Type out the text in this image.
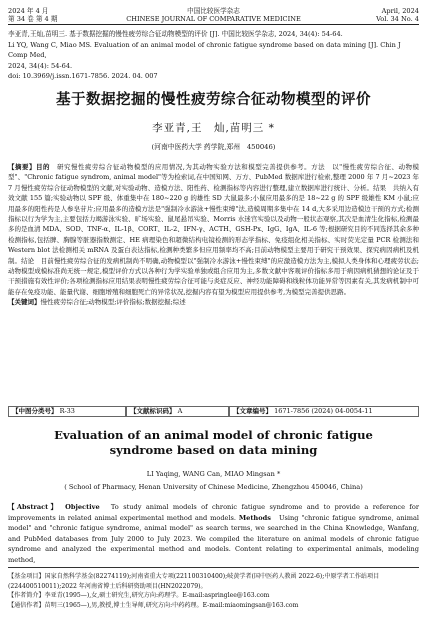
2024 年 4 月
第 34 卷 第 4 期
中国比较医学杂志
CHINESE JOURNAL OF COMPARATIVE MEDICINE
April, 2024
Vol. 34 No. 4
李亚青,王灿,苗明三. 基于数据挖掘的慢性疲劳综合征动物模型的评价 [J]. 中国比较医学杂志, 2024, 34(4): 54-64.
Li YQ, Wang C, Miao MS. Evaluation of an animal model of chronic fatigue syndrome based on data mining [J]. Chin J Comp Med,
2024, 34(4): 54-64.
doi: 10.3969/j.issn.1671-7856. 2024. 04. 007
基于数据挖掘的慢性疲劳综合征动物模型的评价
李亚青,王　灿,苗明三 *
(河南中医药大学 药学院,郑州　450046)
【摘要】目的　 研究慢性疲劳综合征动物模型的应用情况,为其动物实验方法和模型完善提供参考。方法　以"慢性疲劳综合征、动物模型"、"Chronic fatigue syndrom, animal model"等为检索词,在中国知网、万方、PubMed 数据库进行检索,整理 2000 年 7 月~2023 年 7 月慢性疲劳综合征动物模型的文献,对实验动物、造模方法、阳性药、检测指标等内容进行整理,建立数据库进行统计、分析。结果　共纳入有效文献 155 篇;实验动物以 SPF 级、体重集中在 180~220 g 的雄性 SD 大鼠最多;小鼠应用最多的是 18~22 g 的 SPF 级雄性 KM 小鼠;应用最多的阳性药是人参皂苷片;应用最多的造模方法是"强制冷水游泳+慢性束缚"法,造模周期多集中在 14 d,大多采用边造模边干预的方式;检测指标以行为学为主,主要包括力竭游泳实验、旷场实验、鼠尾悬吊实验、Morris 水迷宫实验以及动物一般状态观察,其次是血清生化指标,检测最多的是血清 MDA、SOD、TNF-α、IL-1β、CORT、IL-2、IFN-γ、ACTH、GSH-Px、IgG、IgA、IL-6 等;根据研究目的不同选择其余多种检测指标,包括脾、胸腺等脏器指数测定、HE 病理染色和超微结构电镜检测的形态学指标、免疫组化相关指标、实时荧光定量 PCR 检测法和 Western blot 法检测相关 mRNA 及蛋白表达指标,检测种类繁多但应用频率均不高;目前动物模型主要用于研究干预效果、探究病因病机及机制。结论　目前慢性疲劳综合征的发病机制尚不明确,动物模型以"强制冷水游泳+慢性束缚"的应激造模方法为主,模拟人类身体和心理疲劳状态;动物模型成模标准尚无统一规定,模型评价方式以各种行为学实验单独或组合应用为主,多数文献中客观评价指标多用于病因病机猜想的论证及于干预措施有效性评价;各项检测指标应用结果表明慢性疲劳综合征可能与炎症反应、神经功能障碍和线粒体功能异常等因素有关,其发病机制中可能存在免疫功能、能量代谢、细胞增殖和细胞死亡的异常状况,挖掘内容有望为模型应用提供参考,为模型完善提供思路。
【关键词】慢性疲劳综合征;动物模型;评价指标;数据挖掘;综述
【中图分类号】
R-33	【文献标识码】
A	【文章编号】
1671-7856 (2024) 04-0054-11
Evaluation of an animal model of chronic fatigue syndrome based on data mining
LI Yaqing, WANG Can, MIAO Mingsan *
( School of Pharmacy, Henan University of Chinese Medicine, Zhengzhou 450046, China)
【Abstract】　 Objective　 To study animal models of chronic fatigue syndrome and to provide a reference for improvements in related animal experimental method and models. Methods　 Using "chronic fatigue syndrome, animal model" and "chronic fatigue syndrome, animal model" as search terms, we searched in the China Knowledge, Wanfang, and PubMed databases from July 2000 to July 2023. We compiled the literature on animal models of chronic fatigue syndrome and analyzed the experimental method and models. Content relating to experimental animals, modeling method,
【基金项目】国家自然科学基金(82274119);河南省重大专项(221100310400);岐黄学者(国中医药人教函 2022-6);中原学者工作站项目(224400510011);2022 年河南省博士后科研资助项目(HN2022079)。
【作者简介】李亚青(1995—),女,硕士研究生,研究方向:药理学。E-mail:aspringlee@163.com
【通信作者】苗明三(1965—),男,教授,博士生导师,研究方向:中药药理。E-mail:miaomingsan@163.com
